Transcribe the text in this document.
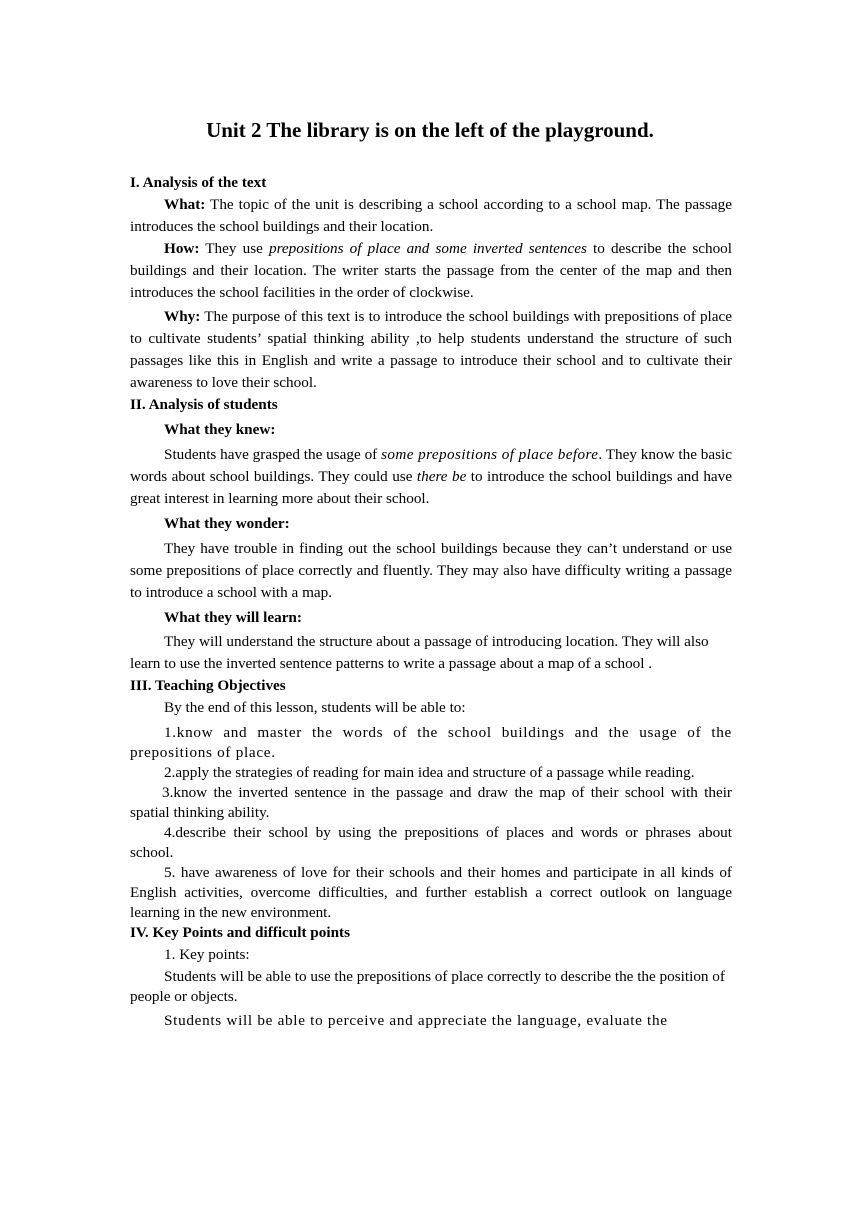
Unit 2 The library is on the left of the playground.

I. Analysis of the text

What: The topic of the unit is describing a school according to a school map. The passage introduces the school buildings and their location.

How: They use prepositions of place and some inverted sentences to describe the school buildings and their location. The writer starts the passage from the center of the map and then introduces the school facilities in the order of clockwise.

Why: The purpose of this text is to introduce the school buildings with prepositions of place to cultivate students’ spatial thinking ability ,to help students understand the structure of such passages like this in English and write a passage to introduce their school and to cultivate their awareness to love their school.

II. Analysis of students

What they knew:

Students have grasped the usage of some prepositions of place before. They know the basic words about school buildings. They could use there be to introduce the school buildings and have great interest in learning more about their school.

What they wonder:

They have trouble in finding out the school buildings because they can’t understand or use some prepositions of place correctly and fluently. They may also have difficulty writing a passage to introduce a school with a map.

What they will learn:

They will understand the structure about a passage of introducing location. They will also learn to use the inverted sentence patterns to write a passage about a map of a school .

III. Teaching Objectives

By the end of this lesson, students will be able to:

1.know and master the words of the school buildings and the usage of the prepositions of place.

2.apply the strategies of reading for main idea and structure of a passage while reading.

3.know the inverted sentence in the passage and draw the map of their school with their spatial thinking ability.

4.describe their school by using the prepositions of places and words or phrases about school.

5. have awareness of love for their schools and their homes and participate in all kinds of English activities, overcome difficulties, and further establish a correct outlook on language learning in the new environment.

IV. Key Points and difficult points

1. Key points:

Students will be able to use the prepositions of place correctly to describe the the position of people or objects.

Students will be able to perceive and appreciate the language, evaluate the
